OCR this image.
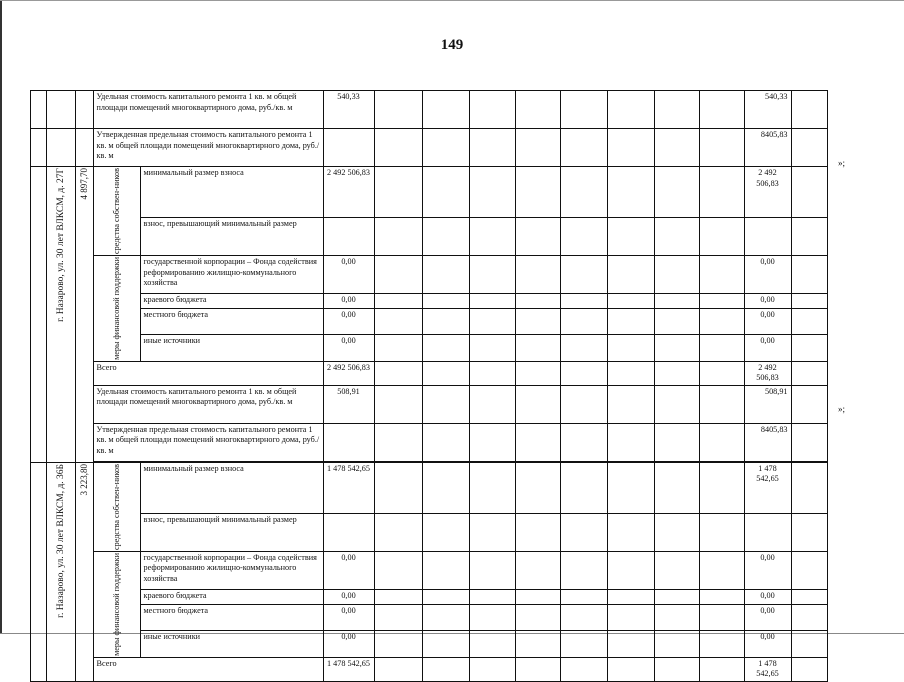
149
»;
»;
			Удельная стоимость капитального ремонта 1 кв. м общей площади помещений многоквартирного дома, руб./кв. м		540,33									540,33	
			Утвержденная предельная стоимость капитального ремонта 1 кв. м общей площади помещений многоквартирного дома, руб./кв. м											8405,83	

	г. Назарово, ул. 30 лет ВЛКСМ, д. 27Г	4 897,70	средства собствен-ников	минимальный размер взноса	2 492 506,83									2 492 506,83	
				взнос, превышающий минимальный размер											

			меры финансовой поддержки	государственной корпорации – Фонда содействия реформированию жилищно-коммунального хозяйства	0,00									0,00	
				краевого бюджета	0,00									0,00	
				местного бюджета	0,00									0,00	
				иные источники	0,00									0,00	
			Всего		2 492 506,83									2 492 506,83	
			Удельная стоимость капитального ремонта 1 кв. м общей площади помещений многоквартирного дома, руб./кв. м		508,91									508,91	
			Утвержденная предельная стоимость капитального ремонта 1 кв. м общей площади помещений многоквартирного дома, руб./кв. м											8405,83	

	г. Назарово, ул. 30 лет ВЛКСМ, д. 36Б	3 223,80	средства собствен-ников	минимальный размер взноса	1 478 542,65									1 478 542,65	
				взнос, превышающий минимальный размер											

			меры финансовой поддержки	государственной корпорации – Фонда содействия реформированию жилищно-коммунального хозяйства	0,00									0,00	
				краевого бюджета	0,00									0,00	
				местного бюджета	0,00									0,00	
				иные источники	0,00									0,00	
			Всего		1 478 542,65									1 478 542,65	
